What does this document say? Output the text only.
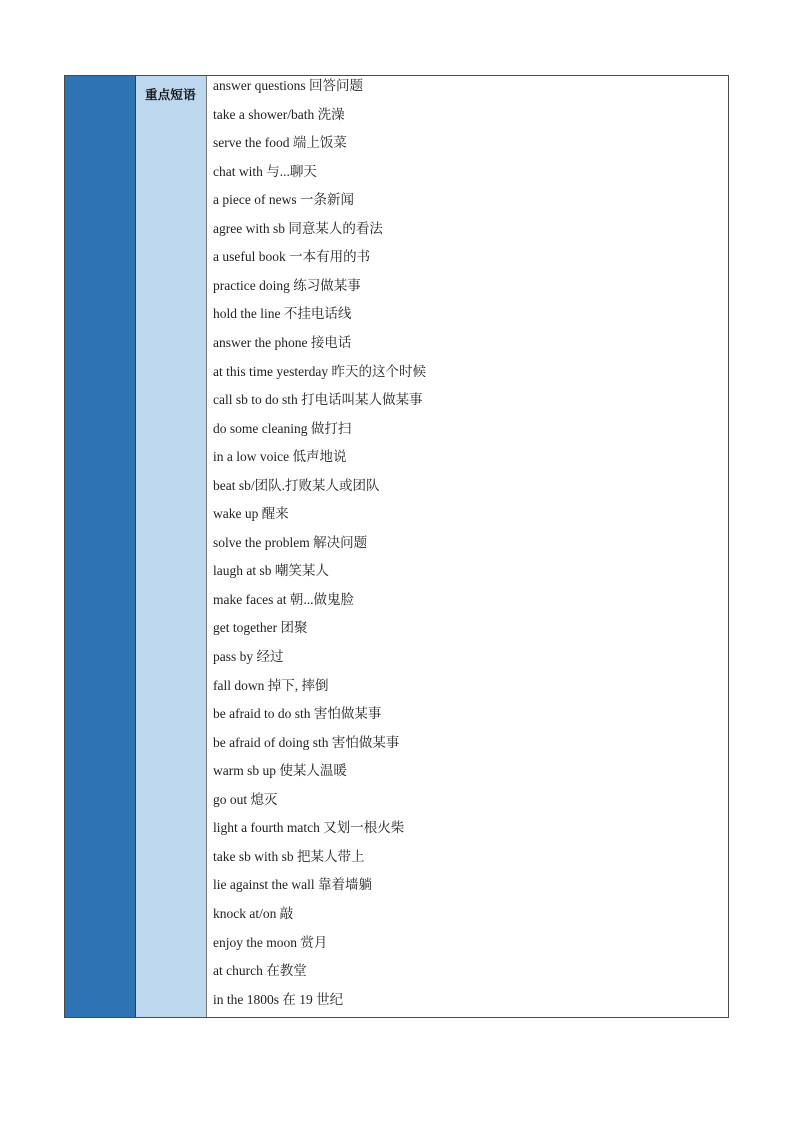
重点短语
answer questions 回答问题
take a shower/bath 洗澡
serve the food 端上饭菜
chat with 与...聊天
a piece of news 一条新闻
agree with sb 同意某人的看法
a useful book 一本有用的书
practice doing 练习做某事
hold the line 不挂电话线
answer the phone 接电话
at this time yesterday 昨天的这个时候
call sb to do sth 打电话叫某人做某事
do some cleaning 做打扫
in a low voice 低声地说
beat sb/团队.打败某人或团队
wake up 醒来
solve the problem 解决问题
laugh at sb 嘲笑某人
make faces at 朝...做鬼脸
get together 团聚
pass by 经过
fall down 掉下, 摔倒
be afraid to do sth 害怕做某事
be afraid of doing sth 害怕做某事
warm sb up 使某人温暖
go out 熄灭
light a fourth match 又划一根火柴
take sb with sb 把某人带上
lie against the wall 靠着墙躺
knock at/on 敲
enjoy the moon 赏月
at church 在教堂
in the 1800s 在 19 世纪
